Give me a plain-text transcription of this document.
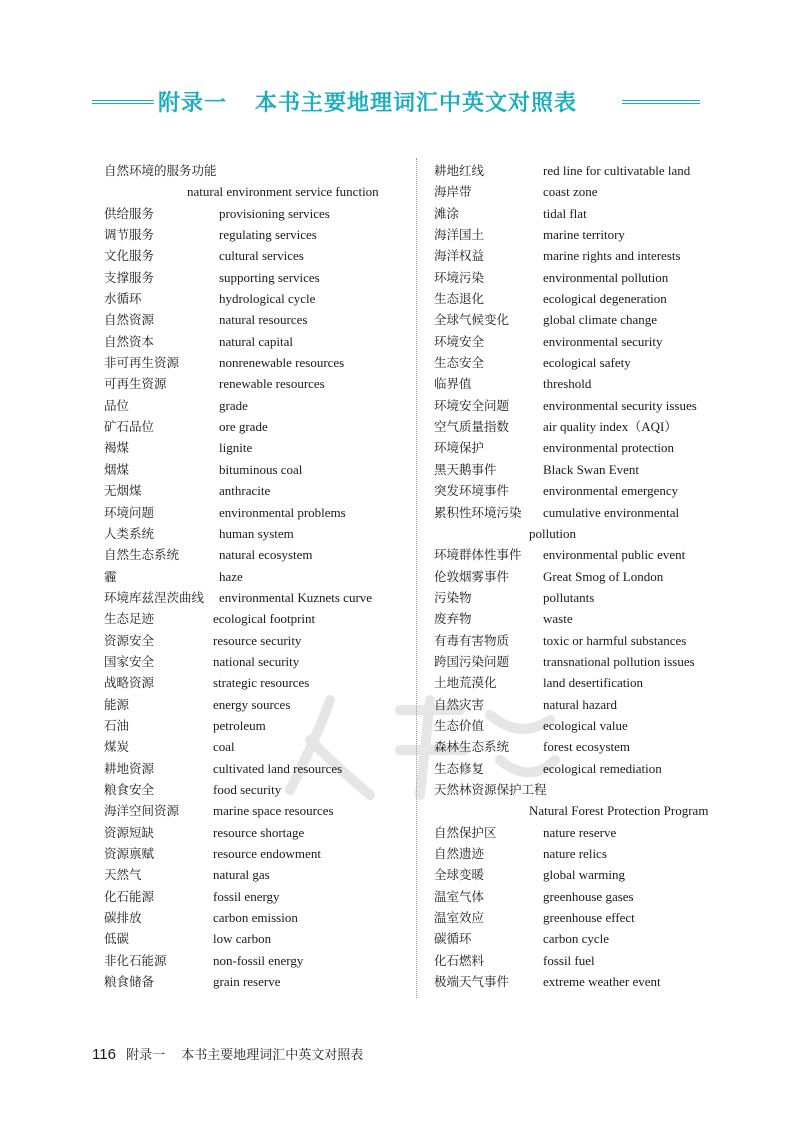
附录一 本书主要地理词汇中英文对照表
自然环境的服务功能
natural environment service function
供给服务	provisioning services
调节服务	regulating services
文化服务	cultural services
支撑服务	supporting services
水循环	hydrological cycle
自然资源	natural resources
自然资本	natural capital
非可再生资源	nonrenewable resources
可再生资源	renewable resources
品位	grade
矿石品位	ore grade
褐煤	lignite
烟煤	bituminous coal
无烟煤	anthracite
环境问题	environmental problems
人类系统	human system
自然生态系统	natural ecosystem
霾	haze
环境库兹涅茨曲线 environmental Kuznets curve
生态足迹	ecological footprint
资源安全	resource security
国家安全	national security
战略资源	strategic resources
能源	energy sources
石油	petroleum
煤炭	coal
耕地资源	cultivated land resources
粮食安全	food security
海洋空间资源	marine space resources
资源短缺	resource shortage
资源禀赋	resource endowment
天然气	natural gas
化石能源	fossil energy
碳排放	carbon emission
低碳	low carbon
非化石能源	non-fossil energy
粮食储备	grain reserve
耕地红线	red line for cultivatable land
海岸带	coast zone
滩涂	tidal flat
海洋国土	marine territory
海洋权益	marine rights and interests
环境污染	environmental pollution
生态退化	ecological degeneration
全球气候变化	global climate change
环境安全	environmental security
生态安全	ecological safety
临界值	threshold
环境安全问题	environmental security issues
空气质量指数	air quality index（AQI）
环境保护	environmental protection
黑天鹅事件	Black Swan Event
突发环境事件	environmental emergency
累积性环境污染 cumulative environmental
pollution
环境群体性事件 environmental public event
伦敦烟雾事件	Great Smog of London
污染物	pollutants
废弃物	waste
有毒有害物质	toxic or harmful substances
跨国污染问题	transnational pollution issues
土地荒漠化	land desertification
自然灾害	natural hazard
生态价值	ecological value
森林生态系统	forest ecosystem
生态修复	ecological remediation
天然林资源保护工程
Natural Forest Protection Program
自然保护区	nature reserve
自然遗迹	nature relics
全球变暖	global warming
温室气体	greenhouse gases
温室效应	greenhouse effect
碳循环	carbon cycle
化石燃料	fossil fuel
极端天气事件	extreme weather event
116 附录一 本书主要地理词汇中英文对照表
